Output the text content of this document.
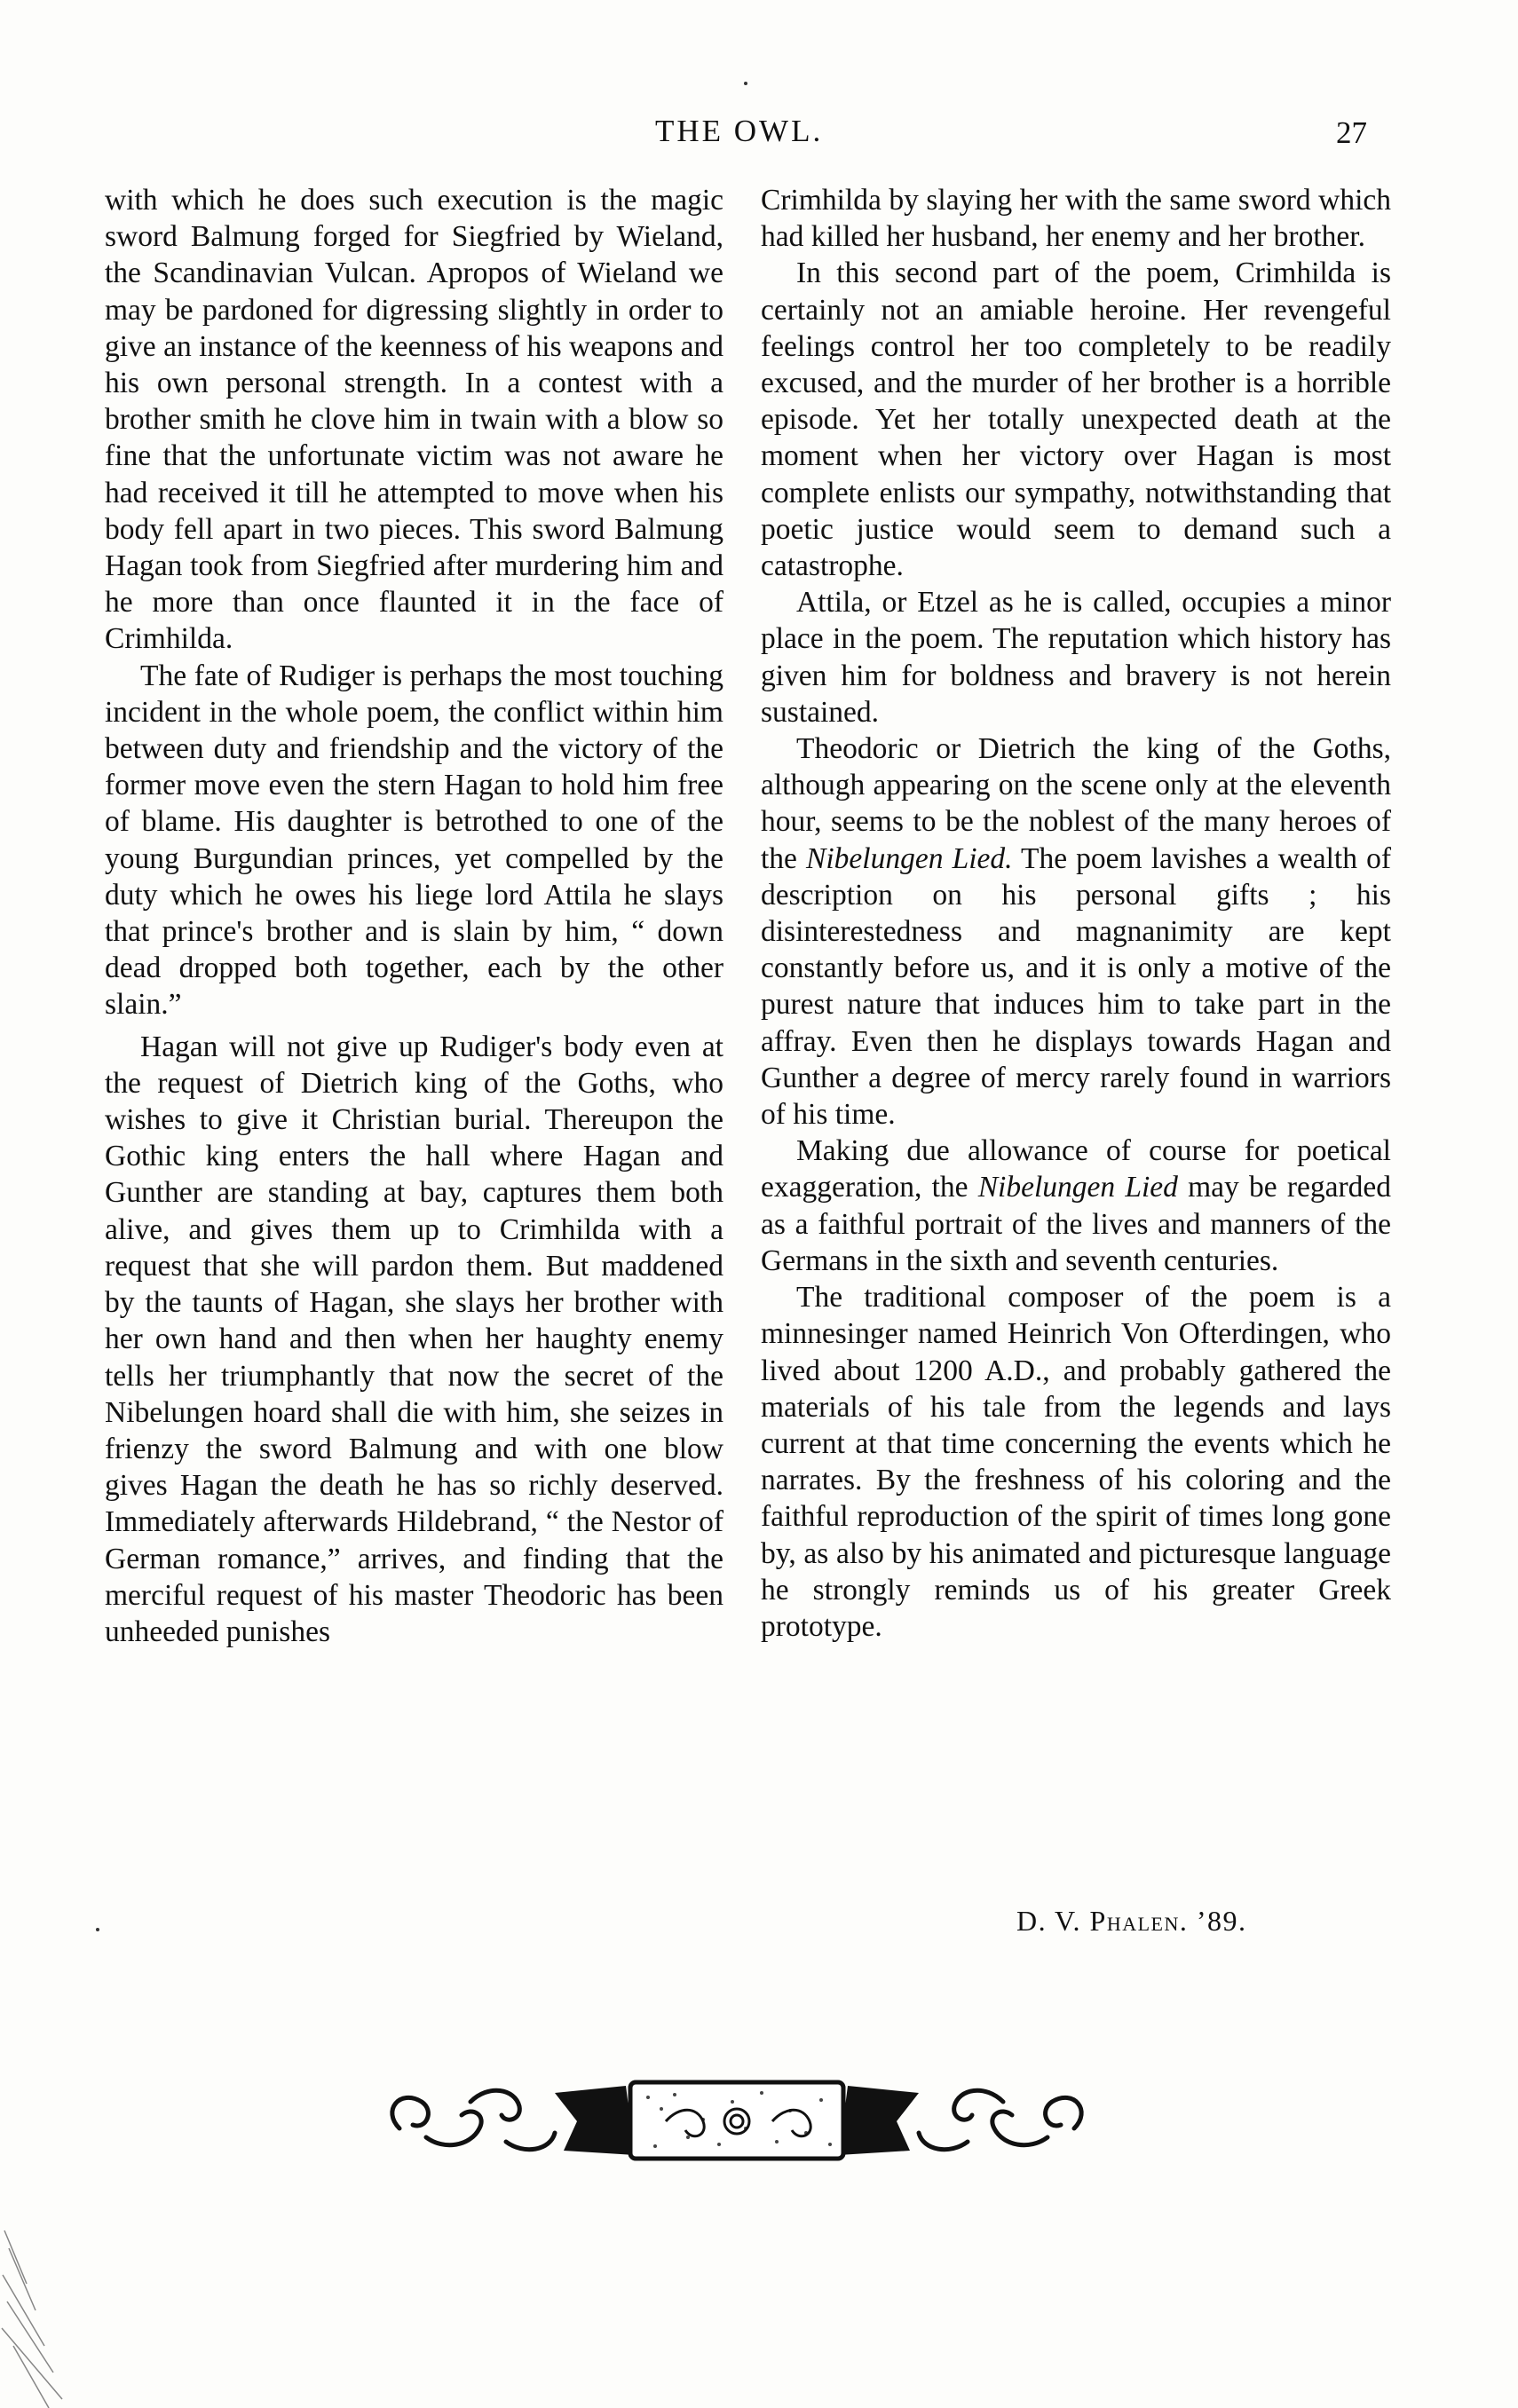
THE OWL.	27

with which he does such execution is the magic sword Balmung forged for Siegfried by Wieland, the Scandinavian Vulcan. Apropos of Wieland we may be pardoned for digressing slightly in order to give an instance of the keenness of his weapons and his own personal strength. In a contest with a brother smith he clove him in twain with a blow so fine that the unfortunate victim was not aware he had received it till he attempted to move when his body fell apart in two pieces. This sword Balmung Hagan took from Siegfried after murdering him and he more than once flaunted it in the face of Crimhilda.

The fate of Rudiger is perhaps the most touching incident in the whole poem, the conflict within him between duty and friendship and the victory of the former move even the stern Hagan to hold him free of blame. His daughter is betrothed to one of the young Burgundian princes, yet compelled by the duty which he owes his liege lord Attila he slays that prince's brother and is slain by him, “ down dead dropped both together, each by the other slain.”

Hagan will not give up Rudiger's body even at the request of Dietrich king of the Goths, who wishes to give it Christian burial. Thereupon the Gothic king enters the hall where Hagan and Gunther are standing at bay, captures them both alive, and gives them up to Crimhilda with a request that she will pardon them. But maddened by the taunts of Hagan, she slays her brother with her own hand and then when her haughty enemy tells her triumphantly that now the secret of the Nibelungen hoard shall die with him, she seizes in frienzy the sword Balmung and with one blow gives Hagan the death he has so richly deserved. Immediately afterwards Hildebrand, “ the Nestor of German romance,” arrives, and finding that the merciful request of his master Theodoric has been unheeded punishes

Crimhilda by slaying her with the same sword which had killed her husband, her enemy and her brother.

In this second part of the poem, Crimhilda is certainly not an amiable heroine. Her revengeful feelings control her too completely to be readily excused, and the murder of her brother is a horrible episode. Yet her totally unexpected death at the moment when her victory over Hagan is most complete enlists our sympathy, notwithstanding that poetic justice would seem to demand such a catastrophe.

Attila, or Etzel as he is called, occupies a minor place in the poem. The reputation which history has given him for boldness and bravery is not herein sustained.

Theodoric or Dietrich the king of the Goths, although appearing on the scene only at the eleventh hour, seems to be the noblest of the many heroes of the Nibelungen Lied. The poem lavishes a wealth of description on his personal gifts ; his disinterestedness and magnanimity are kept constantly before us, and it is only a motive of the purest nature that induces him to take part in the affray. Even then he displays towards Hagan and Gunther a degree of mercy rarely found in warriors of his time.

Making due allowance of course for poetical exaggeration, the Nibelungen Lied may be regarded as a faithful portrait of the lives and manners of the Germans in the sixth and seventh centuries.

The traditional composer of the poem is a minnesinger named Heinrich Von Ofterdingen, who lived about 1200 A.D., and probably gathered the materials of his tale from the legends and lays current at that time concerning the events which he narrates. By the freshness of his coloring and the faithful reproduction of the spirit of times long gone by, as also by his animated and picturesque language he strongly reminds us of his greater Greek prototype.

D. V. Phalen. ’89.
